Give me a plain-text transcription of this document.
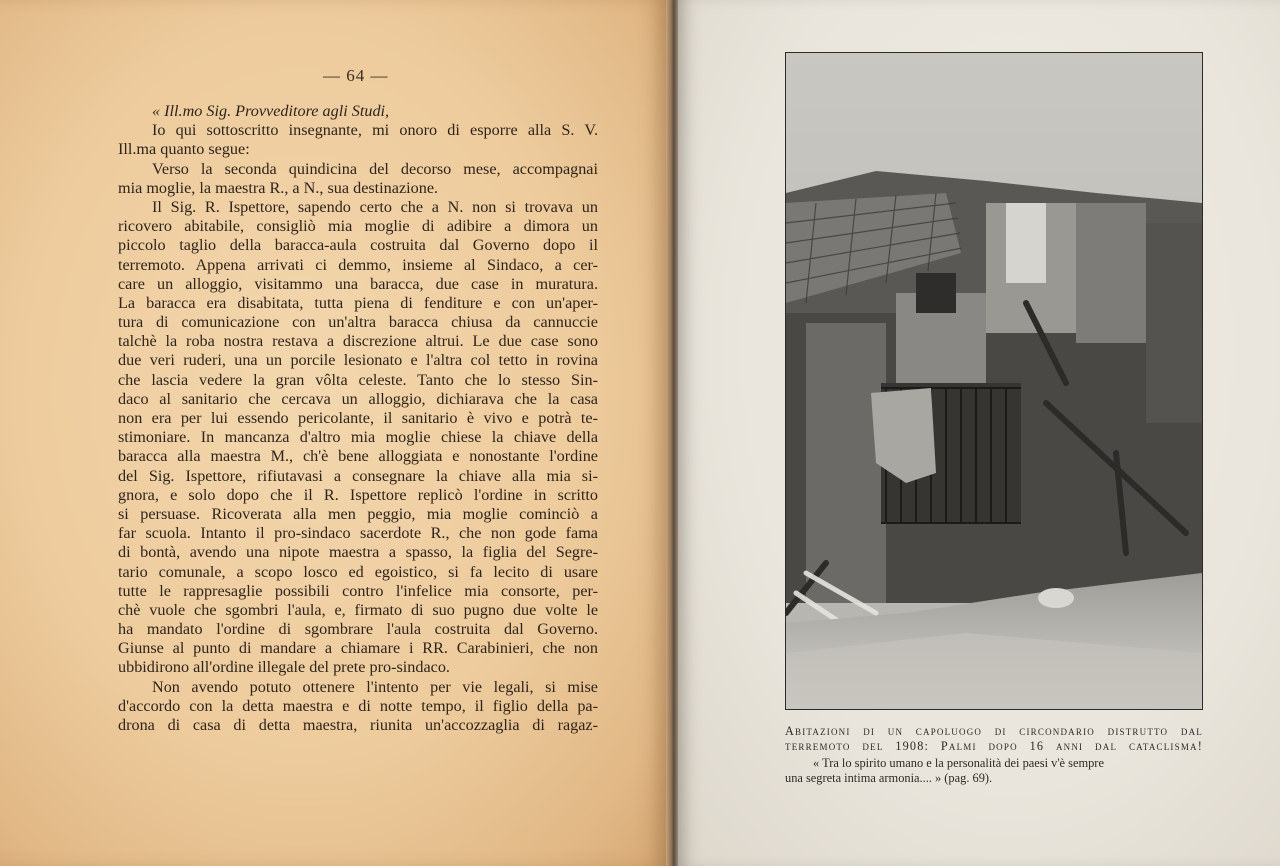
— 64 —
« Ill.mo Sig. Provveditore agli Studi,
Io qui sottoscritto insegnante, mi onoro di esporre alla S. V.
Ill.ma quanto segue:
Verso la seconda quindicina del decorso mese, accompagnai
mia moglie, la maestra R., a N., sua destinazione.
Il Sig. R. Ispettore, sapendo certo che a N. non si trovava un
ricovero abitabile, consigliò mia moglie di adibire a dimora un
piccolo taglio della baracca-aula costruita dal Governo dopo il
terremoto. Appena arrivati ci demmo, insieme al Sindaco, a cer-
care un alloggio, visitammo una baracca, due case in muratura.
La baracca era disabitata, tutta piena di fenditure e con un'aper-
tura di comunicazione con un'altra baracca chiusa da cannuccie
talchè la roba nostra restava a discrezione altrui. Le due case sono
due veri ruderi, una un porcile lesionato e l'altra col tetto in rovina
che lascia vedere la gran vôlta celeste. Tanto che lo stesso Sin-
daco al sanitario che cercava un alloggio, dichiarava che la casa
non era per lui essendo pericolante, il sanitario è vivo e potrà te-
stimoniare. In mancanza d'altro mia moglie chiese la chiave della
baracca alla maestra M., ch'è bene alloggiata e nonostante l'ordine
del Sig. Ispettore, rifiutavasi a consegnare la chiave alla mia si-
gnora, e solo dopo che il R. Ispettore replicò l'ordine in scritto
si persuase. Ricoverata alla men peggio, mia moglie cominciò a
far scuola. Intanto il pro-sindaco sacerdote R., che non gode fama
di bontà, avendo una nipote maestra a spasso, la figlia del Segre-
tario comunale, a scopo losco ed egoistico, si fa lecito di usare
tutte le rappresaglie possibili contro l'infelice mia consorte, per-
chè vuole che sgombri l'aula, e, firmato di suo pugno due volte le
ha mandato l'ordine di sgombrare l'aula costruita dal Governo.
Giunse al punto di mandare a chiamare i RR. Carabinieri, che non
ubbidirono all'ordine illegale del prete pro-sindaco.
Non avendo potuto ottenere l'intento per vie legali, si mise
d'accordo con la detta maestra e di notte tempo, il figlio della pa-
drona di casa di detta maestra, riunita un'accozzaglia di ragaz-	Abitazioni di un capoluogo di circondario distrutto dal
terremoto del 1908: Palmi dopo 16 anni dal cataclisma!
« Tra lo spirito umano e la personalità dei paesi v'è sempre
una segreta intima armonia.... » (pag. 69).
